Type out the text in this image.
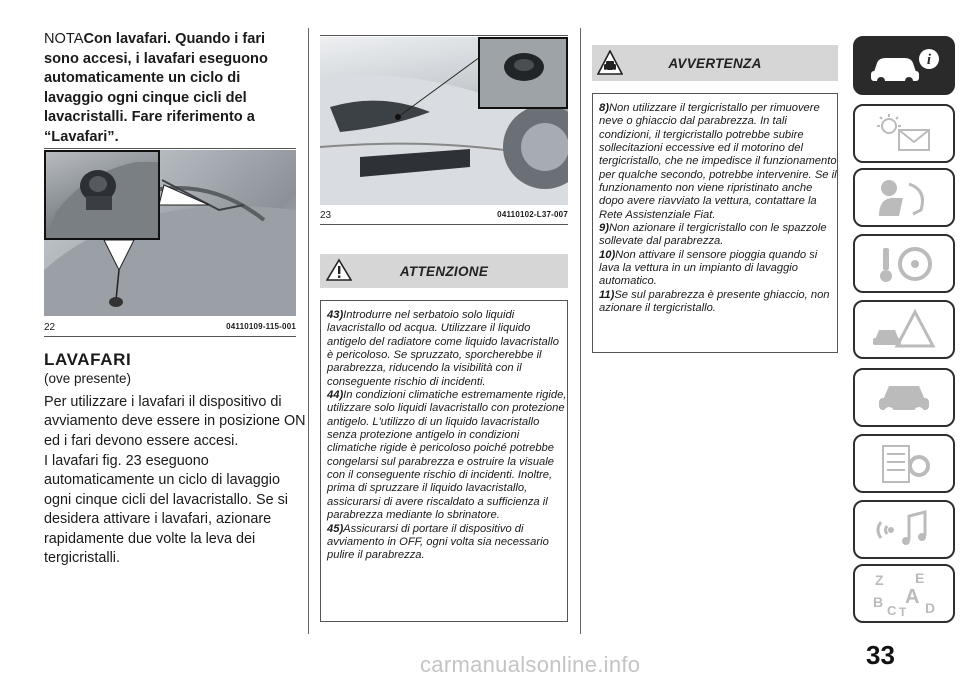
NOTACon lavafari. Quando i fari sono accesi, i lavafari eseguono automaticamente un ciclo di lavaggio ogni cinque cicli del lavacristalli. Fare riferimento a “Lavafari”.
22	04110109-115-001
LAVAFARI
(ove presente)
Per utilizzare i lavafari il dispositivo di avviamento deve essere in posizione ON ed i fari devono essere accesi.
I lavafari fig. 23 eseguono automaticamente un ciclo di lavaggio ogni cinque cicli del lavacristallo. Se si desidera attivare i lavafari, azionare rapidamente due volte la leva dei tergicristalli.
23	04110102-L37-007
ATTENZIONE

43)Introdurre nel serbatoio solo liquidi lavacristallo od acqua. Utilizzare il liquido antigelo del radiatore come liquido lavacristallo è pericoloso. Se spruzzato, sporcherebbe il parabrezza, riducendo la visibilità con il conseguente rischio di incidenti.

44)In condizioni climatiche estremamente rigide, utilizzare solo liquidi lavacristallo con protezione antigelo. L'utilizzo di un liquido lavacristallo senza protezione antigelo in condizioni climatiche rigide è pericoloso poiché potrebbe congelarsi sul parabrezza e ostruire la visuale con il conseguente rischio di incidenti. Inoltre, prima di spruzzare il liquido lavacristallo, assicurarsi di avere riscaldato a sufficienza il parabrezza mediante lo sbrinatore.

45)Assicurarsi di portare il dispositivo di avviamento in OFF, ogni volta sia necessario pulire il parabrezza.

AVVERTENZA

8)Non utilizzare il tergicristallo per rimuovere neve o ghiaccio dal parabrezza. In tali condizioni, il tergicristallo potrebbe subire sollecitazioni eccessive ed il motorino del tergicristallo, che ne impedisce il funzionamento per qualche secondo, potrebbe intervenire. Se il funzionamento non viene ripristinato anche dopo avere riavviato la vettura, contattare la Rete Assistenziale Fiat.

9)Non azionare il tergicristallo con le spazzole sollevate dal parabrezza.

10)Non attivare il sensore pioggia quando si lava la vettura in un impianto di lavaggio automatico.

11)Se sul parabrezza è presente ghiaccio, non azionare il tergicristallo.

i
Z E
B A
C T D
33
carmanualsonline.info
